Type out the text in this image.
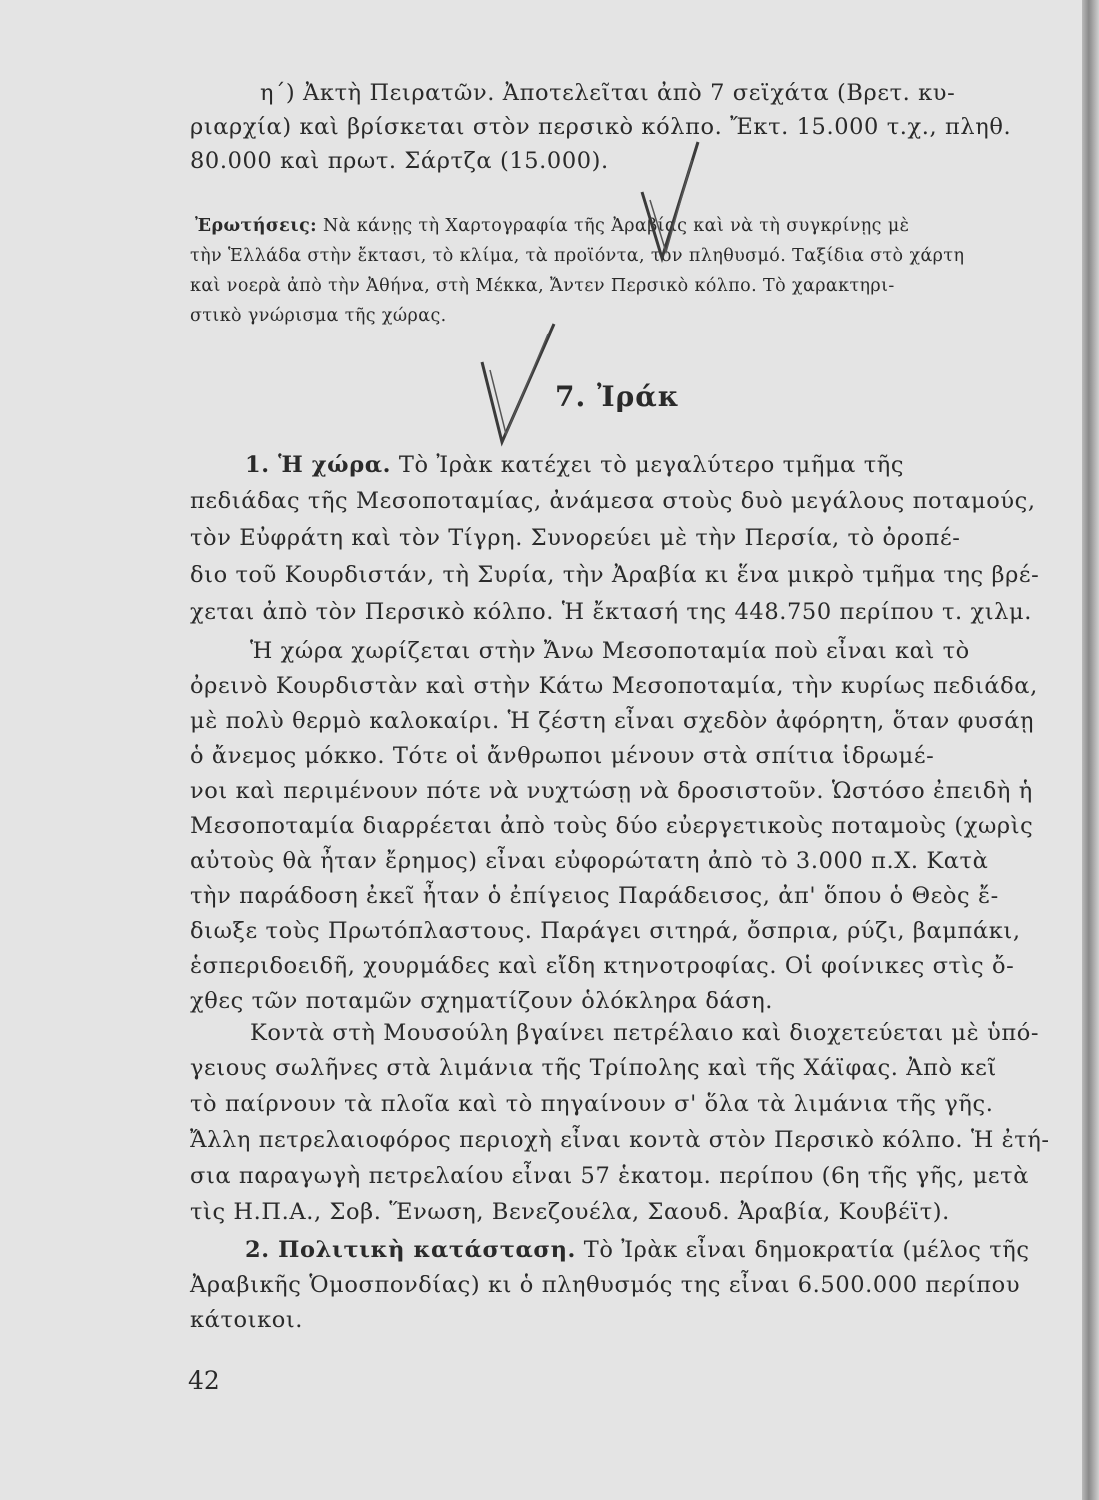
η΄) Ἀκτὴ Πειρατῶν. Ἀποτελεῖται ἀπὸ 7 σεϊχάτα (Βρετ. κυ-
ριαρχία) καὶ βρίσκεται στὸν περσικὸ κόλπο. Ἔκτ. 15.000 τ.χ., πληθ.
80.000 καὶ πρωτ. Σάρτζα (15.000).
Ἐρωτήσεις: Νὰ κάνῃς τὴ Χαρτογραφία τῆς Ἀραβίας καὶ νὰ τὴ συγκρίνῃς μὲ
τὴν Ἑλλάδα στὴν ἔκτασι, τὸ κλίμα, τὰ προϊόντα, τὸν πληθυσμό. Ταξίδια στὸ χάρτη
καὶ νοερὰ ἀπὸ τὴν Ἀθήνα, στὴ Μέκκα, Ἄντεν Περσικὸ κόλπο. Τὸ χαρακτηρι-
στικὸ γνώρισμα τῆς χώρας.
7. Ἰράκ
1. Ἡ χώρα. Τὸ Ἰρὰκ κατέχει τὸ μεγαλύτερο τμῆμα τῆς
πεδιάδας τῆς Μεσοποταμίας, ἀνάμεσα στοὺς δυὸ μεγάλους ποταμούς,
τὸν Εὐφράτη καὶ τὸν Τίγρη. Συνορεύει μὲ τὴν Περσία, τὸ ὀροπέ-
διο τοῦ Κουρδιστάν, τὴ Συρία, τὴν Ἀραβία κι ἕνα μικρὸ τμῆμα της βρέ-
χεται ἀπὸ τὸν Περσικὸ κόλπο. Ἡ ἔκτασή της 448.750 περίπου τ. χιλμ.
Ἡ χώρα χωρίζεται στὴν Ἄνω Μεσοποταμία ποὺ εἶναι καὶ τὸ
ὀρεινὸ Κουρδιστὰν καὶ στὴν Κάτω Μεσοποταμία, τὴν κυρίως πεδιάδα,
μὲ πολὺ θερμὸ καλοκαίρι. Ἡ ζέστη εἶναι σχεδὸν ἀφόρητη, ὅταν φυσάῃ
ὁ ἄνεμος μόκκο. Τότε οἱ ἄνθρωποι μένουν στὰ σπίτια ἱδρωμέ-
νοι καὶ περιμένουν πότε νὰ νυχτώσῃ νὰ δροσιστοῦν. Ὡστόσο ἐπειδὴ ἡ
Μεσοποταμία διαρρέεται ἀπὸ τοὺς δύο εὐεργετικοὺς ποταμοὺς (χωρὶς
αὐτοὺς θὰ ἦταν ἔρημος) εἶναι εὐφορώτατη ἀπὸ τὸ 3.000 π.Χ. Κατὰ
τὴν παράδοση ἐκεῖ ἦταν ὁ ἐπίγειος Παράδεισος, ἀπ' ὅπου ὁ Θεὸς ἔ-
διωξε τοὺς Πρωτόπλαστους. Παράγει σιτηρά, ὄσπρια, ρύζι, βαμπάκι,
ἑσπεριδοειδῆ, χουρμάδες καὶ εἴδη κτηνοτροφίας. Οἱ φοίνικες στὶς ὄ-
χθες τῶν ποταμῶν σχηματίζουν ὁλόκληρα δάση.
Κοντὰ στὴ Μουσούλη βγαίνει πετρέλαιο καὶ διοχετεύεται μὲ ὑπό-
γειους σωλῆνες στὰ λιμάνια τῆς Τρίπολης καὶ τῆς Χάϊφας. Ἀπὸ κεῖ
τὸ παίρνουν τὰ πλοῖα καὶ τὸ πηγαίνουν σ' ὅλα τὰ λιμάνια τῆς γῆς.
Ἄλλη πετρελαιοφόρος περιοχὴ εἶναι κοντὰ στὸν Περσικὸ κόλπο. Ἡ ἐτή-
σια παραγωγὴ πετρελαίου εἶναι 57 ἑκατομ. περίπου (6η τῆς γῆς, μετὰ
τὶς Η.Π.Α., Σοβ. Ἕνωση, Βενεζουέλα, Σαουδ. Ἀραβία, Κουβέϊτ).
2. Πολιτικὴ κατάσταση. Τὸ Ἰρὰκ εἶναι δημοκρατία (μέλος τῆς
Ἀραβικῆς Ὁμοσπονδίας) κι ὁ πληθυσμός της εἶναι 6.500.000 περίπου
κάτοικοι.
42
